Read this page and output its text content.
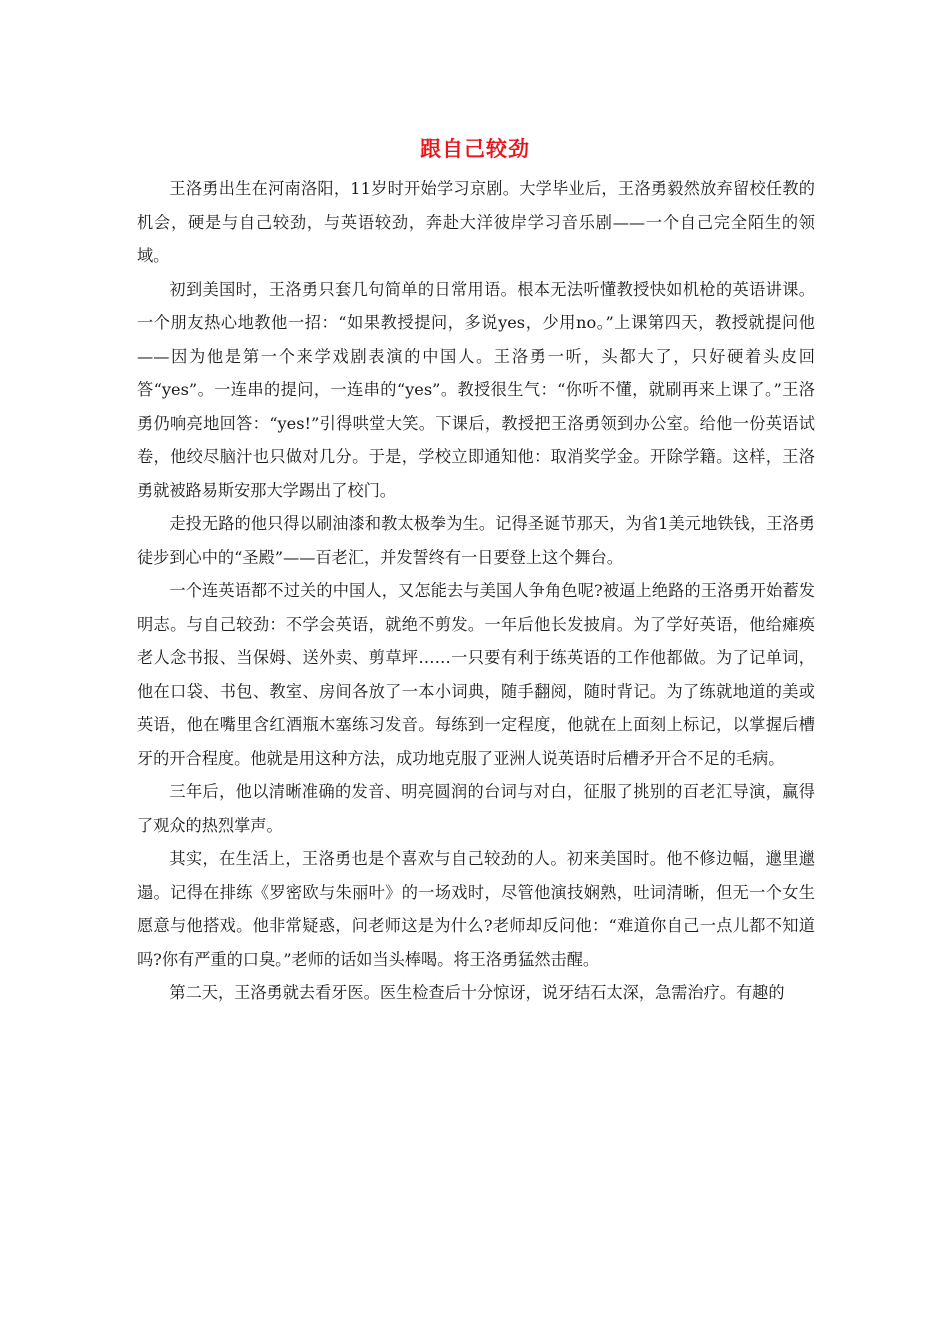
跟自己较劲

王洛勇出生在河南洛阳，11岁时开始学习京剧。大学毕业后，王洛勇毅然放弃留校任教的机会，硬是与自己较劲，与英语较劲，奔赴大洋彼岸学习音乐剧——一个自己完全陌生的领域。

初到美国时，王洛勇只套几句简单的日常用语。根本无法听懂教授快如机枪的英语讲课。一个朋友热心地教他一招：“如果教授提问，多说yes，少用no。”上课第四天，教授就提问他——因为他是第一个来学戏剧表演的中国人。王洛勇一听，头都大了，只好硬着头皮回答“yes”。一连串的提问，一连串的“yes”。教授很生气：“你听不懂，就刷再来上课了。”王洛勇仍响亮地回答：“yes!”引得哄堂大笑。下课后，教授把王洛勇领到办公室。给他一份英语试卷，他绞尽脑汁也只做对几分。于是，学校立即通知他：取消奖学金。开除学籍。这样，王洛勇就被路易斯安那大学踢出了校门。

走投无路的他只得以刷油漆和教太极拳为生。记得圣诞节那天，为省1美元地铁钱，王洛勇徒步到心中的“圣殿”——百老汇，并发誓终有一日要登上这个舞台。

一个连英语都不过关的中国人，又怎能去与美国人争角色呢?被逼上绝路的王洛勇开始蓄发明志。与自己较劲：不学会英语，就绝不剪发。一年后他长发披肩。为了学好英语，他给瘫痪老人念书报、当保姆、送外卖、剪草坪……一只要有利于练英语的工作他都做。为了记单词，他在口袋、书包、教室、房间各放了一本小词典，随手翻阅，随时背记。为了练就地道的美或英语，他在嘴里含红酒瓶木塞练习发音。每练到一定程度，他就在上面刻上标记，以掌握后槽牙的开合程度。他就是用这种方法，成功地克服了亚洲人说英语时后槽矛开合不足的毛病。

三年后，他以清晰准确的发音、明亮圆润的台词与对白，征服了挑别的百老汇导演，赢得了观众的热烈掌声。

其实，在生活上，王洛勇也是个喜欢与自己较劲的人。初来美国时。他不修边幅，邋里邋遢。记得在排练《罗密欧与朱丽叶》的一场戏时，尽管他演技娴熟，吐词清晰，但无一个女生愿意与他搭戏。他非常疑惑，问老师这是为什么?老师却反问他：“难道你自己一点儿都不知道吗?你有严重的口臭。”老师的话如当头棒喝。将王洛勇猛然击醒。

第二天，王洛勇就去看牙医。医生检查后十分惊讶，说牙结石太深，急需治疗。有趣的
